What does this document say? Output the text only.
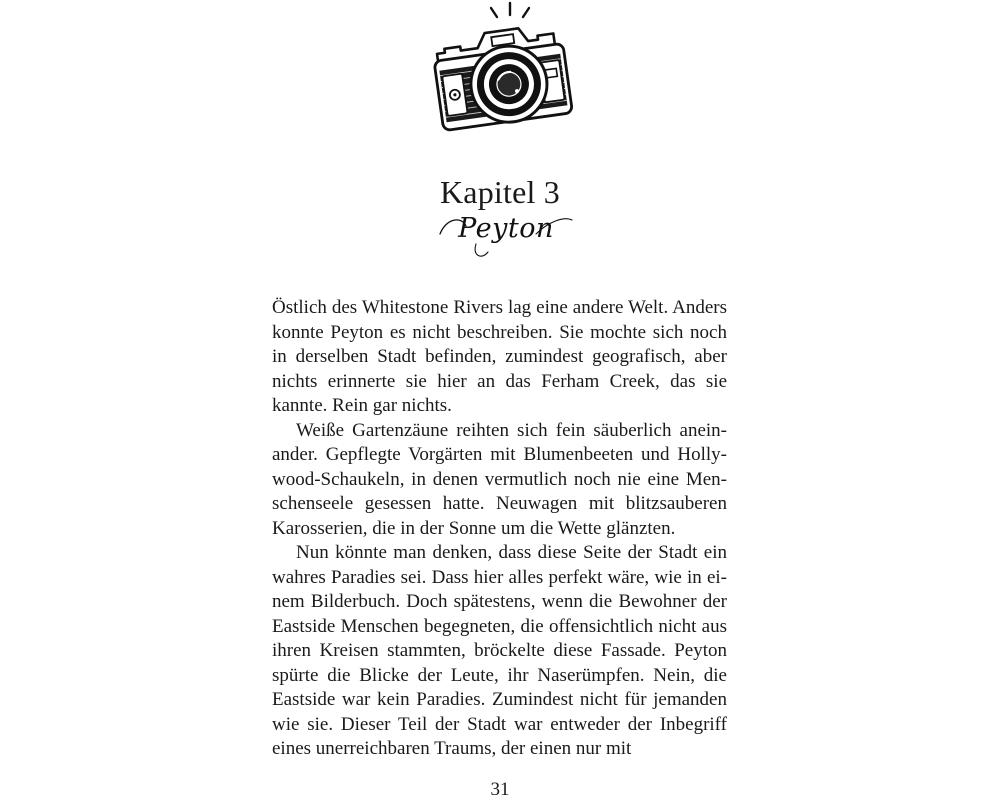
Kapitel 3
Peyton

Östlich des Whitestone Rivers lag eine andere Welt. Anders konnte Peyton es nicht beschreiben. Sie mochte sich noch in derselben Stadt befinden, zumindest geografisch, aber nichts erinnerte sie hier an das Ferham Creek, das sie kannte. Rein gar nichts.

Weiße Gartenzäune reihten sich fein säuberlich aneinander. Gepflegte Vorgärten mit Blumenbeeten und Hollywood-Schaukeln, in denen vermutlich noch nie eine Menschenseele gesessen hatte. Neuwagen mit blitzsauberen Karosserien, die in der Sonne um die Wette glänzten.

Nun könnte man denken, dass diese Seite der Stadt ein wahres Paradies sei. Dass hier alles perfekt wäre, wie in einem Bilderbuch. Doch spätestens, wenn die Bewohner der Eastside Menschen begegneten, die offensichtlich nicht aus ihren Kreisen stammten, bröckelte diese Fassade. Peyton spürte die Blicke der Leute, ihr Naserümpfen. Nein, die Eastside war kein Paradies. Zumindest nicht für jemanden wie sie. Dieser Teil der Stadt war entweder der Inbegriff eines unerreichbaren Traums, der einen nur mit

31
